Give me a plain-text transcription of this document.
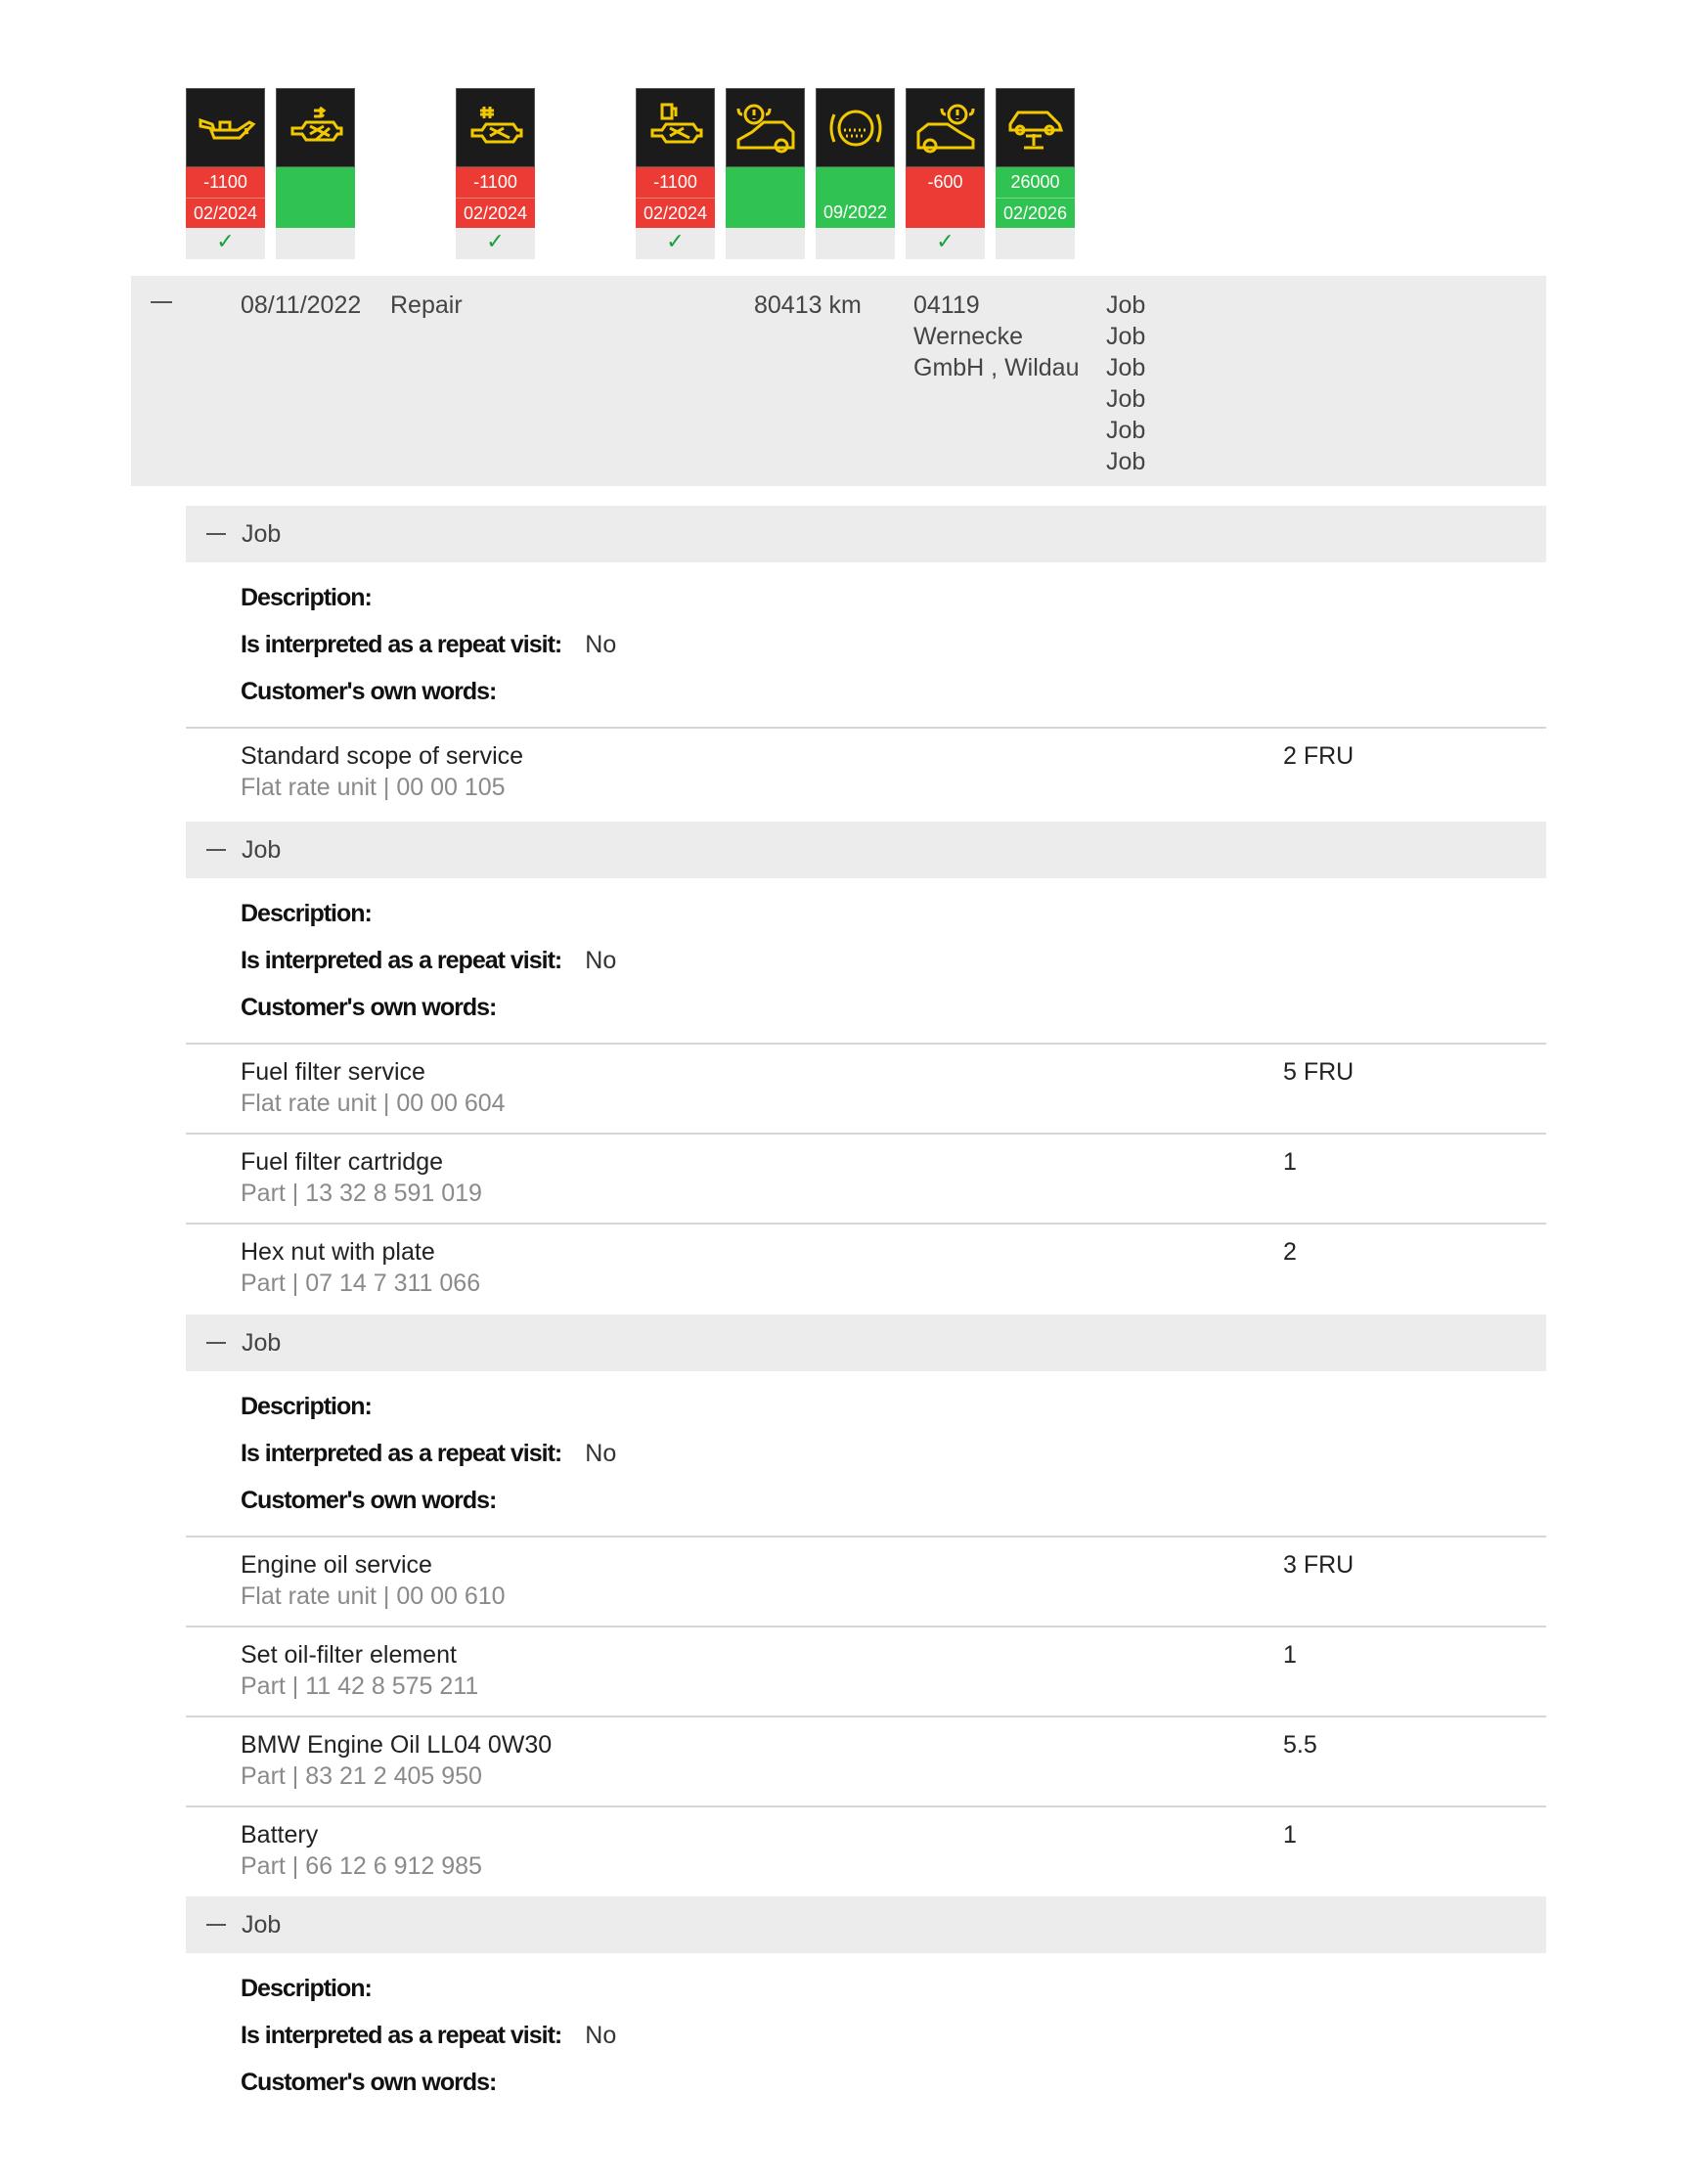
-1100
02/2024
✓
-1100
02/2024
✓
-1100
02/2024
✓
09/2022
-600
✓
26000
02/2026
08/11/2022 Repair	80413 km 04119
Wernecke
GmbH , Wildau
Job
Job
Job
Job
Job
Job
Job
Description:
Is interpreted as a repeat visit: No
Customer's own words:
Standard scope of service
Flat rate unit | 00 00 105
2 FRU
Job
Description:
Is interpreted as a repeat visit: No
Customer's own words:
Fuel filter service
Flat rate unit | 00 00 604
5 FRU
Fuel filter cartridge
Part | 13 32 8 591 019
1
Hex nut with plate
Part | 07 14 7 311 066
2
Job
Description:
Is interpreted as a repeat visit: No
Customer's own words:
Engine oil service
Flat rate unit | 00 00 610
3 FRU
Set oil-filter element
Part | 11 42 8 575 211
1
BMW Engine Oil LL04 0W30
Part | 83 21 2 405 950
5.5
Battery
Part | 66 12 6 912 985
1
Job
Description:
Is interpreted as a repeat visit: No
Customer's own words:
